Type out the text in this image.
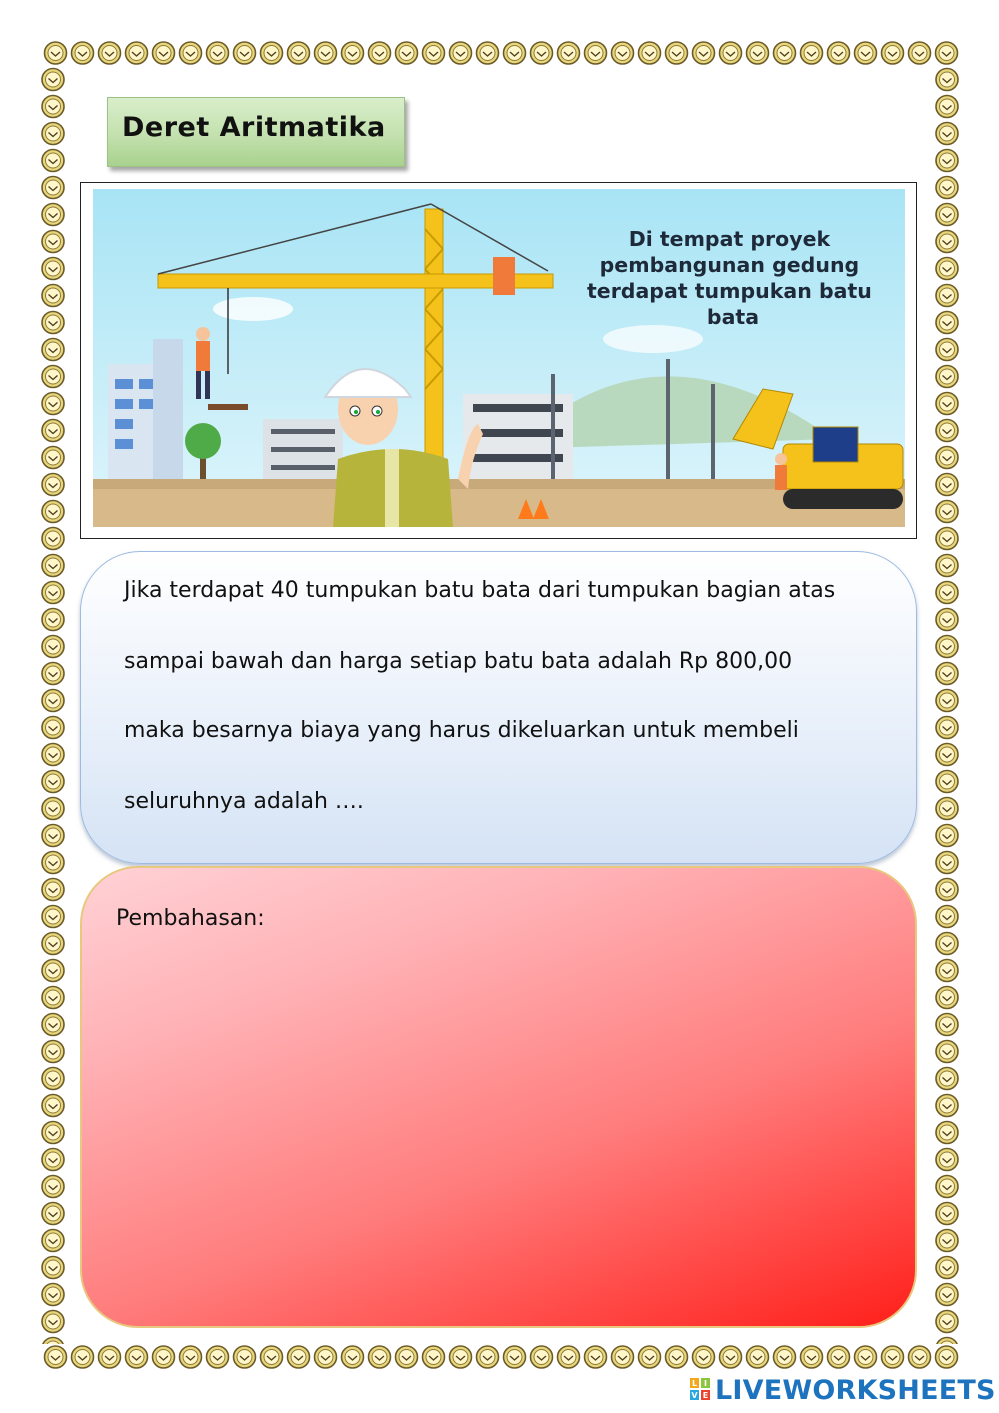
Deret Aritmatika
Di tempat proyek pembangunan gedung terdapat tumpukan batu bata
Jika terdapat 40 tumpukan batu bata dari tumpukan bagian atas
sampai bawah dan harga setiap batu bata adalah Rp 800,00
maka besarnya biaya yang harus dikeluarkan untuk membeli
seluruhnya adalah ….
Pembahasan:
L I
V E LIVEWORKSHEETS
